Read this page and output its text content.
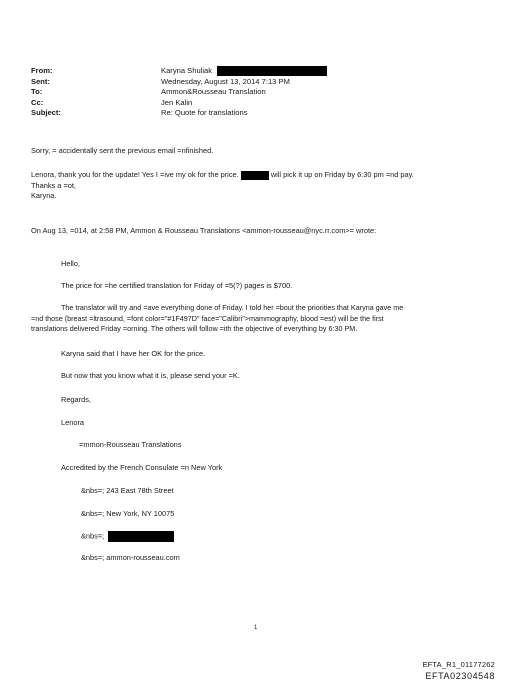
From:	Karyna Shuliak
Sent:	Wednesday, August 13, 2014 7:13 PM
To:	Ammon&Rousseau Translation
Cc:	Jen Kalin
Subject:	Re: Quote for translations
Sorry, = accidentally sent the previous email =nfinished.
Lenora, thank you for the update! Yes I =ive my ok for the price.	will pick it up on Friday by 6:30 pm =nd pay.
Thanks a =ot,
Karyna.
On Aug 13, =014, at 2:58 PM, Ammon & Rousseau Translations <ammon-rousseau@nyc.rr.com>= wrote:
Hello,
The price for =he certified translation for Friday of =5(?) pages is $700.
The translator will try and =ave everything done of Friday. I told her =bout the priorities that Karyna gave me
=nd those (breast =ltrasound, =font color="#1F497D" face="Calibri">mammography, blood =est) will be the first
translations delivered Friday =orning. The others will follow =ith the objective of everything by 6:30 PM.
Karyna said that I have her OK for the price.
But now that you know what it is, please send your =K.
Regards,
Lenora
=mmon-Rousseau Translations
Accredited by the French Consulate =n New York
&nbs=; 243 East 78th Street
&nbs=; New York, NY 10075
&nbs=;
&nbs=; ammon-rousseau.com
1
EFTA_R1_01177262
EFTA02304548
